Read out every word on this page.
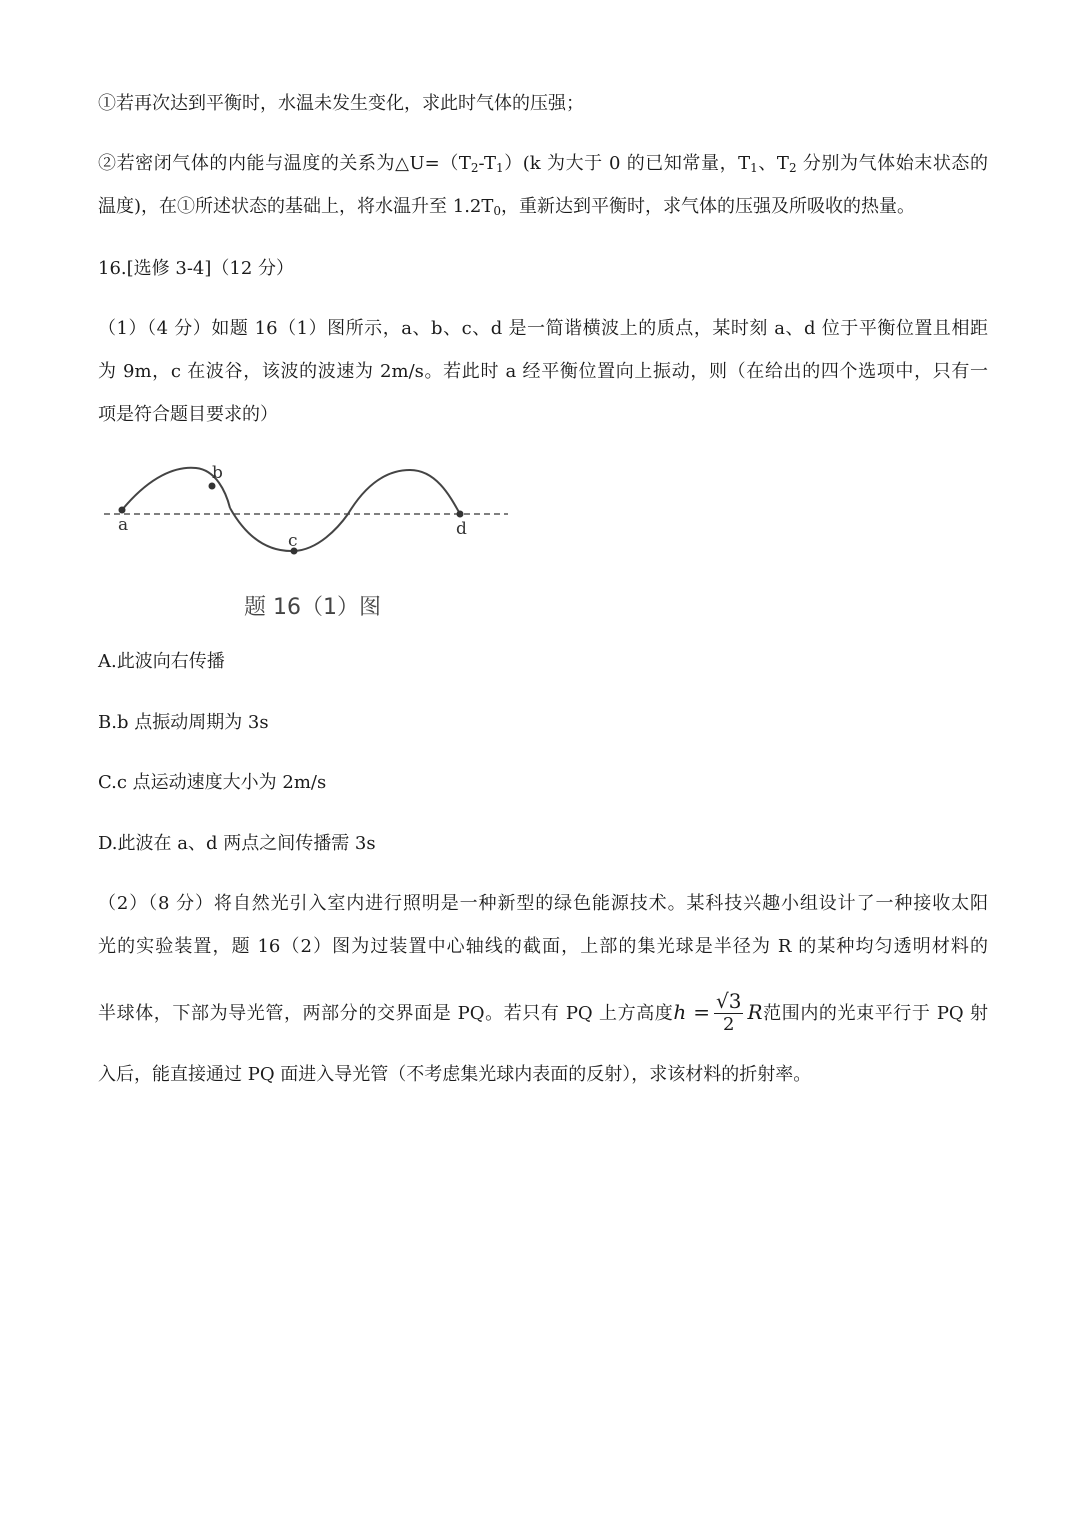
①若再次达到平衡时，水温未发生变化，求此时气体的压强；
②若密闭气体的内能与温度的关系为$\triangle U=(T_2-T_1)(k$ 为大于 0 的已知常量，$T_1$、$T_2$ 分别为气体始末状态的
温度)，在①所述状态的基础上，将水温升至 $1.2T_0$，重新达到平衡时，求气体的压强及所吸收的热量。
16.[选修 3-4]（12 分）
（1）（4 分）如题 16（1）图所示，a、b、c、d 是一简谐横波上的质点，某时刻 a、d 位于平衡位置且相距
为 9m，c 在波谷，该波的波速为 2m/s。若此时 a 经平衡位置向上振动，则（在给出的四个选项中，只有一
项是符合题目要求的）
a
b
c
d
题 16（1）图
A.此波向右传播
B.b 点振动周期为 3s
C.c 点运动速度大小为 2m/s
D.此波在 a、d 两点之间传播需 3s
（2）（8 分）将自然光引入室内进行照明是一种新型的绿色能源技术。某科技兴趣小组设计了一种接收太阳
光的实验装置，题 16（2）图为过装置中心轴线的截面，上部的集光球是半径为 R 的某种均匀透明材料的
半球体，下部为导光管，两部分的交界面是 PQ。若只有 PQ 上方高度$h = \frac{√3}{2}$ R范围内的光束平行于 PQ 射
入后，能直接通过 PQ 面进入导光管（不考虑集光球内表面的反射），求该材料的折射率。
